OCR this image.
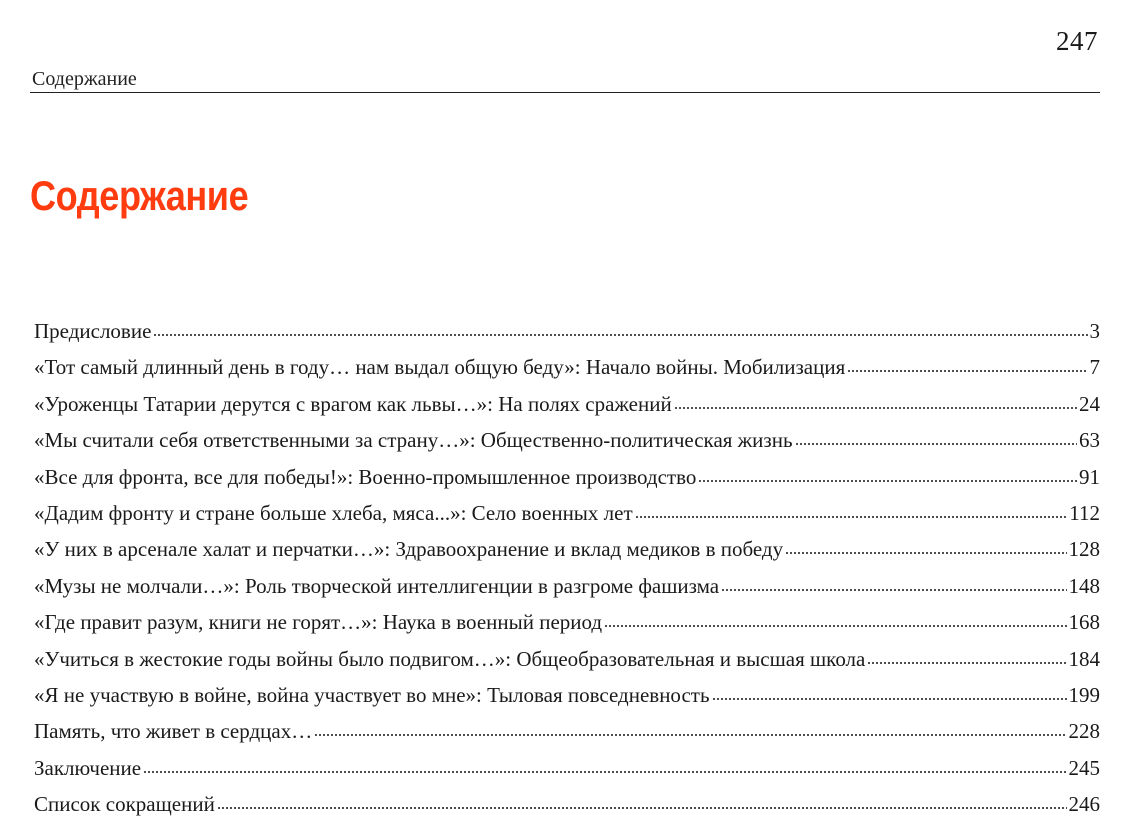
247
Содержание
Содержание
Предисловие	3
«Тот самый длинный день в году… нам выдал общую беду»: Начало войны. Мобилизация	7
«Уроженцы Татарии дерутся с врагом как львы…»: На полях сражений	24
«Мы считали себя ответственными за страну…»: Общественно-политическая жизнь	63
«Все для фронта, все для победы!»: Военно-промышленное производство	91
«Дадим фронту и стране больше хлеба, мяса...»: Село военных лет	112
«У них в арсенале халат и перчатки…»: Здравоохранение и вклад медиков в победу	128
«Музы не молчали…»: Роль творческой интеллигенции в разгроме фашизма	148
«Где правит разум, книги не горят…»: Наука в военный период	168
«Учиться в жестокие годы войны было подвигом…»: Общеобразовательная и высшая школа	184
«Я не участвую в войне, война участвует во мне»: Тыловая повседневность	199
Память, что живет в сердцах…	228
Заключение	245
Список сокращений	246
